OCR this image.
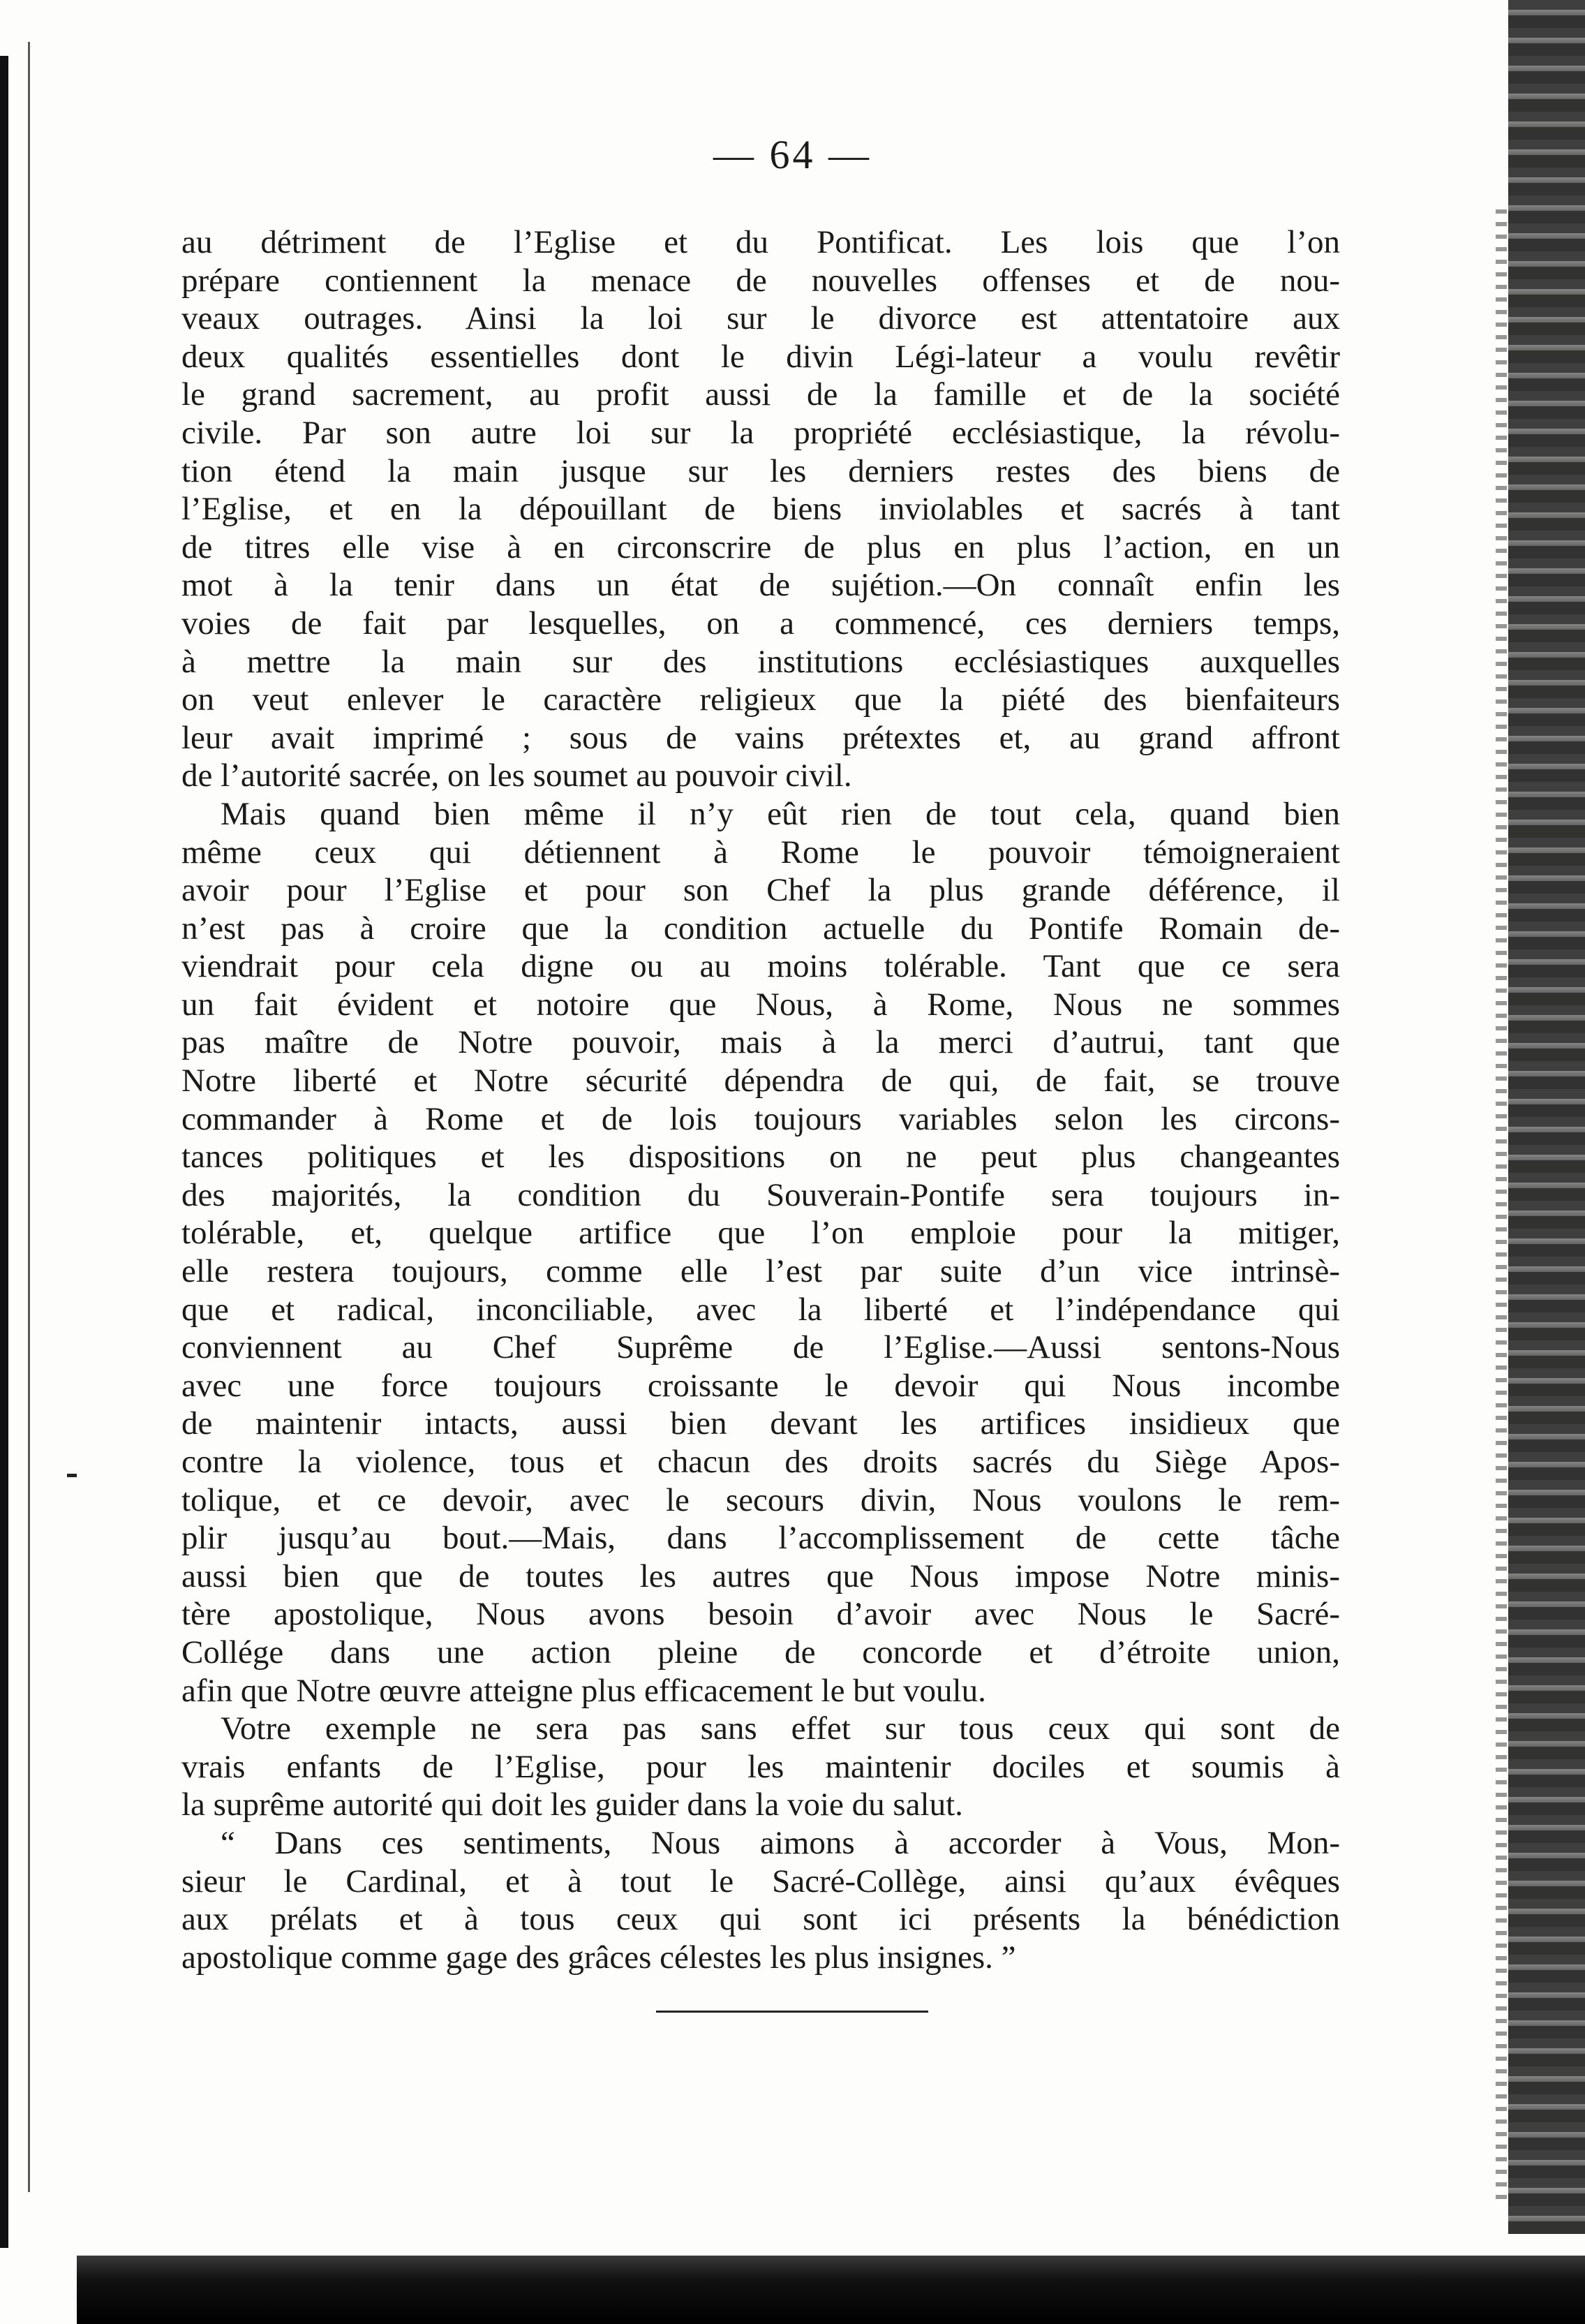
— 64 —
au détriment de l’Eglise et du Pontificat. Les lois que l’on
prépare contiennent la menace de nouvelles offenses et de nou-
veaux outrages. Ainsi la loi sur le divorce est attentatoire aux
deux qualités essentielles dont le divin Légi-lateur a voulu revêtir
le grand sacrement, au profit aussi de la famille et de la société
civile. Par son autre loi sur la propriété ecclésiastique, la révolu-
tion étend la main jusque sur les derniers restes des biens de
l’Eglise, et en la dépouillant de biens inviolables et sacrés à tant
de titres elle vise à en circonscrire de plus en plus l’action, en un
mot à la tenir dans un état de sujétion.—On connaît enfin les
voies de fait par lesquelles, on a commencé, ces derniers temps,
à mettre la main sur des institutions ecclésiastiques auxquelles
on veut enlever le caractère religieux que la piété des bienfaiteurs
leur avait imprimé ; sous de vains prétextes et, au grand affront
de l’autorité sacrée, on les soumet au pouvoir civil.
Mais quand bien même il n’y eût rien de tout cela, quand bien
même ceux qui détiennent à Rome le pouvoir témoigneraient
avoir pour l’Eglise et pour son Chef la plus grande déférence, il
n’est pas à croire que la condition actuelle du Pontife Romain de-
viendrait pour cela digne ou au moins tolérable. Tant que ce sera
un fait évident et notoire que Nous, à Rome, Nous ne sommes
pas maître de Notre pouvoir, mais à la merci d’autrui, tant que
Notre liberté et Notre sécurité dépendra de qui, de fait, se trouve
commander à Rome et de lois toujours variables selon les circons-
tances politiques et les dispositions on ne peut plus changeantes
des majorités, la condition du Souverain-Pontife sera toujours in-
tolérable, et, quelque artifice que l’on emploie pour la mitiger,
elle restera toujours, comme elle l’est par suite d’un vice intrinsè-
que et radical, inconciliable, avec la liberté et l’indépendance qui
conviennent au Chef Suprême de l’Eglise.—Aussi sentons-Nous
avec une force toujours croissante le devoir qui Nous incombe
de maintenir intacts, aussi bien devant les artifices insidieux que
contre la violence, tous et chacun des droits sacrés du Siège Apos-
tolique, et ce devoir, avec le secours divin, Nous voulons le rem-
plir jusqu’au bout.—Mais, dans l’accomplissement de cette tâche
aussi bien que de toutes les autres que Nous impose Notre minis-
tère apostolique, Nous avons besoin d’avoir avec Nous le Sacré-
Collége dans une action pleine de concorde et d’étroite union,
afin que Notre œuvre atteigne plus efficacement le but voulu.
Votre exemple ne sera pas sans effet sur tous ceux qui sont de
vrais enfants de l’Eglise, pour les maintenir dociles et soumis à
la suprême autorité qui doit les guider dans la voie du salut.
“ Dans ces sentiments, Nous aimons à accorder à Vous, Mon-
sieur le Cardinal, et à tout le Sacré-Collège, ainsi qu’aux évêques
aux prélats et à tous ceux qui sont ici présents la bénédiction
apostolique comme gage des grâces célestes les plus insignes. ”
